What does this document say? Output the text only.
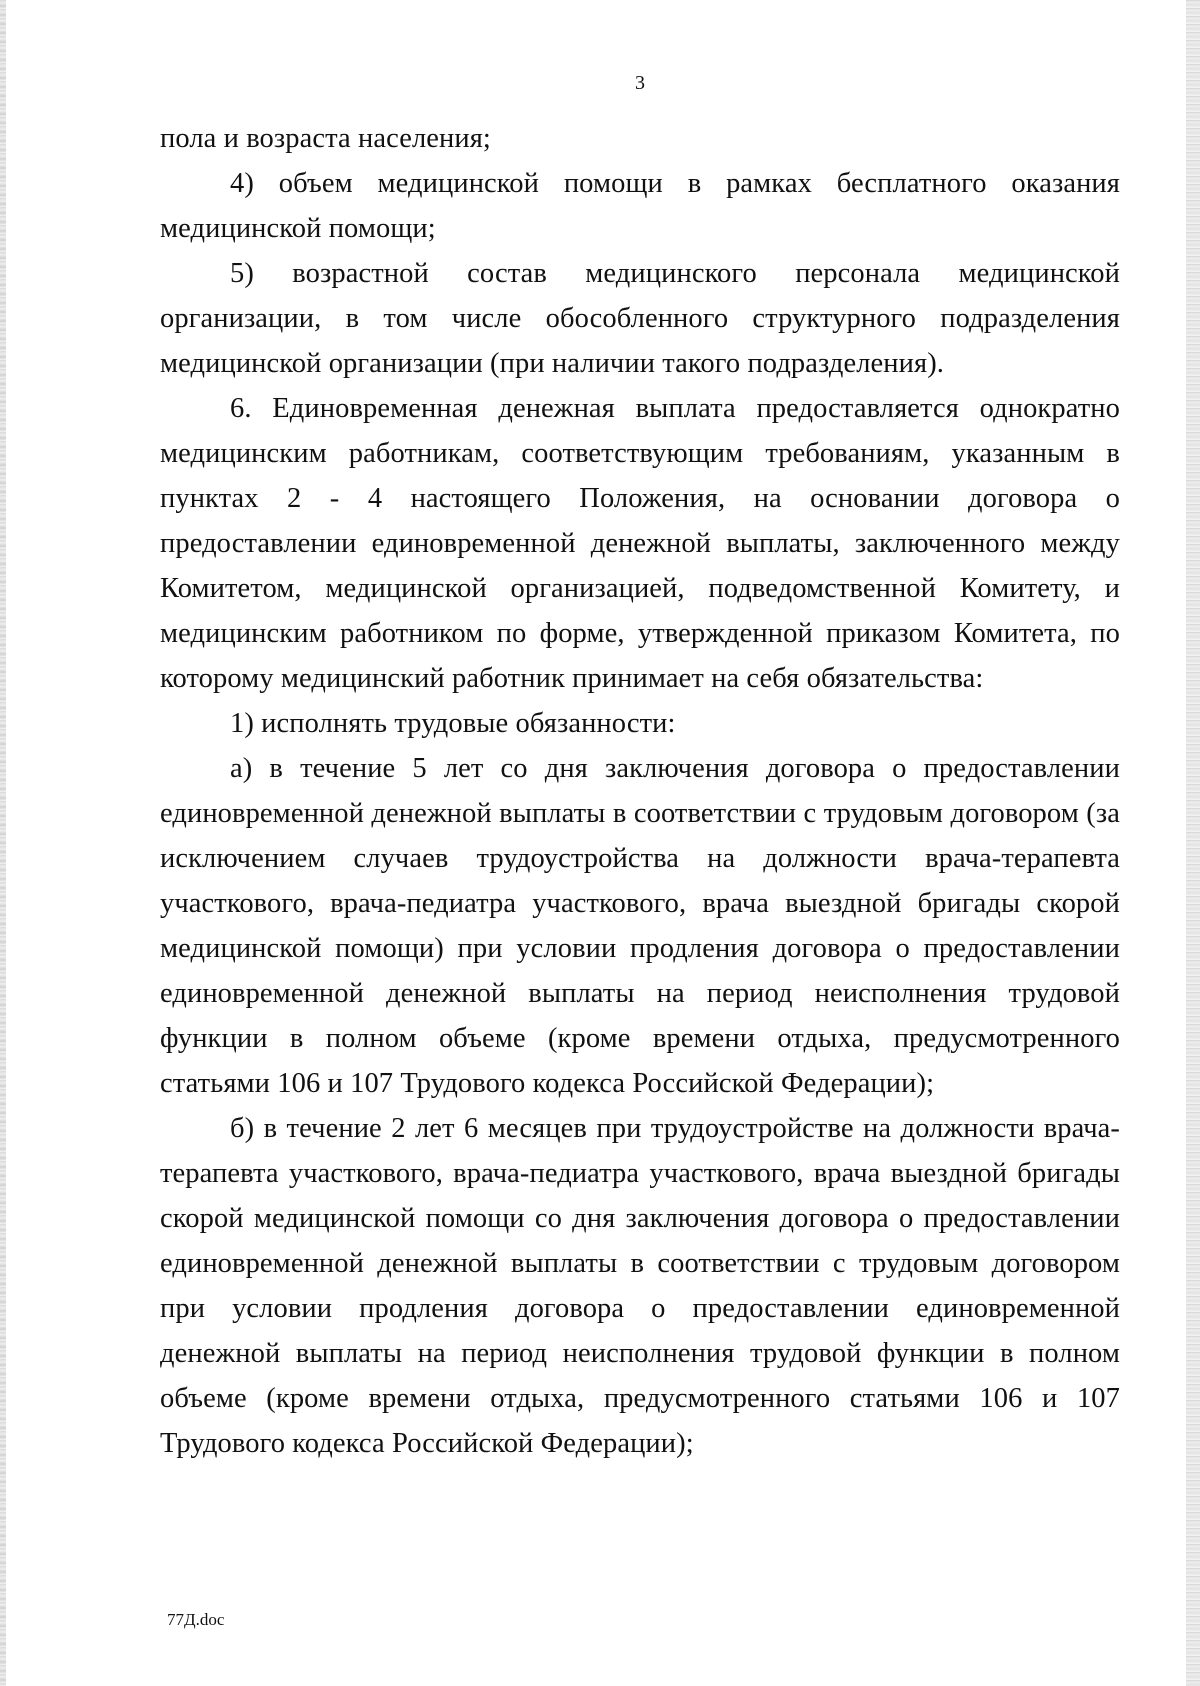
3

пола и возраста населения;

4) объем медицинской помощи в рамках бесплатного оказания медицинской помощи;

5) возрастной состав медицинского персонала медицинской организации, в том числе обособленного структурного подразделения медицинской организации (при наличии такого подразделения).

6. Единовременная денежная выплата предоставляется однократно медицинским работникам, соответствующим требованиям, указанным в пунктах 2 - 4 настоящего Положения, на основании договора о предоставлении единовременной денежной выплаты, заключенного между Комитетом, медицинской организацией, подведомственной Комитету, и медицинским работником по форме, утвержденной приказом Комитета, по которому медицинский работник принимает на себя обязательства:

1) исполнять трудовые обязанности:

а) в течение 5 лет со дня заключения договора о предоставлении единовременной денежной выплаты в соответствии с трудовым договором (за исключением случаев трудоустройства на должности врача-терапевта участкового, врача-педиатра участкового, врача выездной бригады скорой медицинской помощи) при условии продления договора о предоставлении единовременной денежной выплаты на период неисполнения трудовой функции в полном объеме (кроме времени отдыха, предусмотренного статьями 106 и 107 Трудового кодекса Российской Федерации);

б) в течение 2 лет 6 месяцев при трудоустройстве на должности врача-терапевта участкового, врача-педиатра участкового, врача выездной бригады скорой медицинской помощи со дня заключения договора о предоставлении единовременной денежной выплаты в соответствии с трудовым договором при условии продления договора о предоставлении единовременной денежной выплаты на период неисполнения трудовой функции в полном объеме (кроме времени отдыха, предусмотренного статьями 106 и 107 Трудового кодекса Российской Федерации);

77Д.doc
